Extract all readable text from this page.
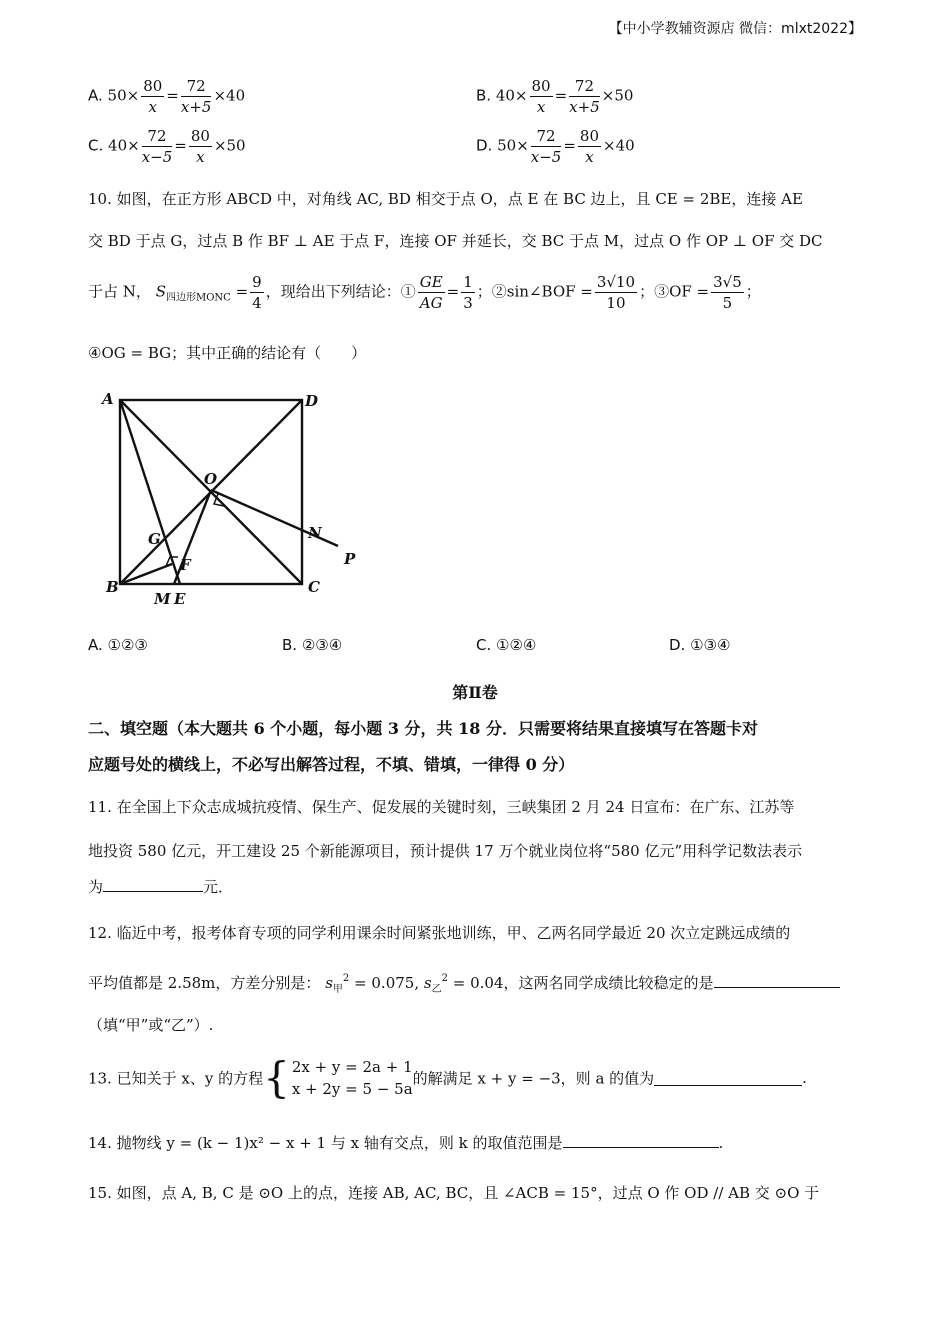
【中小学教辅资源店 微信：mlxt2022】
A. $50\times \frac{80}{x} = \frac{72}{x+5} \times 40$	B. $40\times \frac{80}{x} = \frac{72}{x+5} \times 50$
C. $40\times \frac{72}{x-5} = \frac{80}{x} \times 50$	D. $50\times \frac{72}{x-5} = \frac{80}{x} \times 40$
10. 如图，在正方形 ABCD 中，对角线 AC, BD 相交于点 O，点 E 在 BC 边上，且 CE = 2BE，连接 AE
交 BD 于点 G，过点 B 作 BF ⊥ AE 于点 F，连接 OF 并延长，交 BC 于点 M，过点 O 作 OP ⊥ OF 交 DC
于占 N， $S_{四边形MONC} = \frac{9}{4}$ ，现给出下列结论：① $\frac{GE}{AG} = \frac{1}{3}$ ；②sin∠BOF = $\frac{3√10}{10}$ ；③OF = $\frac{3√5}{5}$ ；
④OG = BG；其中正确的结论有（　　）
A	D
O
G
F
N
P
B
M E
C
A. ①②③	B. ②③④	C. ①②④	D. ①③④
第Ⅱ卷
二、填空题（本大题共 6 个小题，每小题 3 分，共 18 分．只需要将结果直接填写在答题卡对
应题号处的横线上，不必写出解答过程，不填、错填，一律得 0 分）
11. 在全国上下众志成城抗疫情、保生产、促发展的关键时刻，三峡集团 2 月 24 日宣布：在广东、江苏等
地投资 580 亿元，开工建设 25 个新能源项目，预计提供 17 万个就业岗位将“580 亿元”用科学记数法表示
为	元．
12. 临近中考，报考体育专项的同学利用课余时间紧张地训练，甲、乙两名同学最近 20 次立定跳远成绩的
平均值都是 2.58m，方差分别是： $s_甲^2 = 0.075$, $s_乙^2 = 0.04$，这两名同学成绩比较稳定的是
（填“甲”或“乙”）.
13. 已知关于 x、y 的方程{ 2x + y = 2a + 1
x + 2y = 5 − 5a
的解满足 x + y = −3，则 a 的值为	.
14. 抛物线 y = (k − 1)x² − x + 1 与 x 轴有交点，则 k 的取值范围是	.
15. 如图，点 A, B, C 是 ⊙O 上的点，连接 AB, AC, BC，且 ∠ACB = 15°，过点 O 作 OD // AB 交 ⊙O 于
